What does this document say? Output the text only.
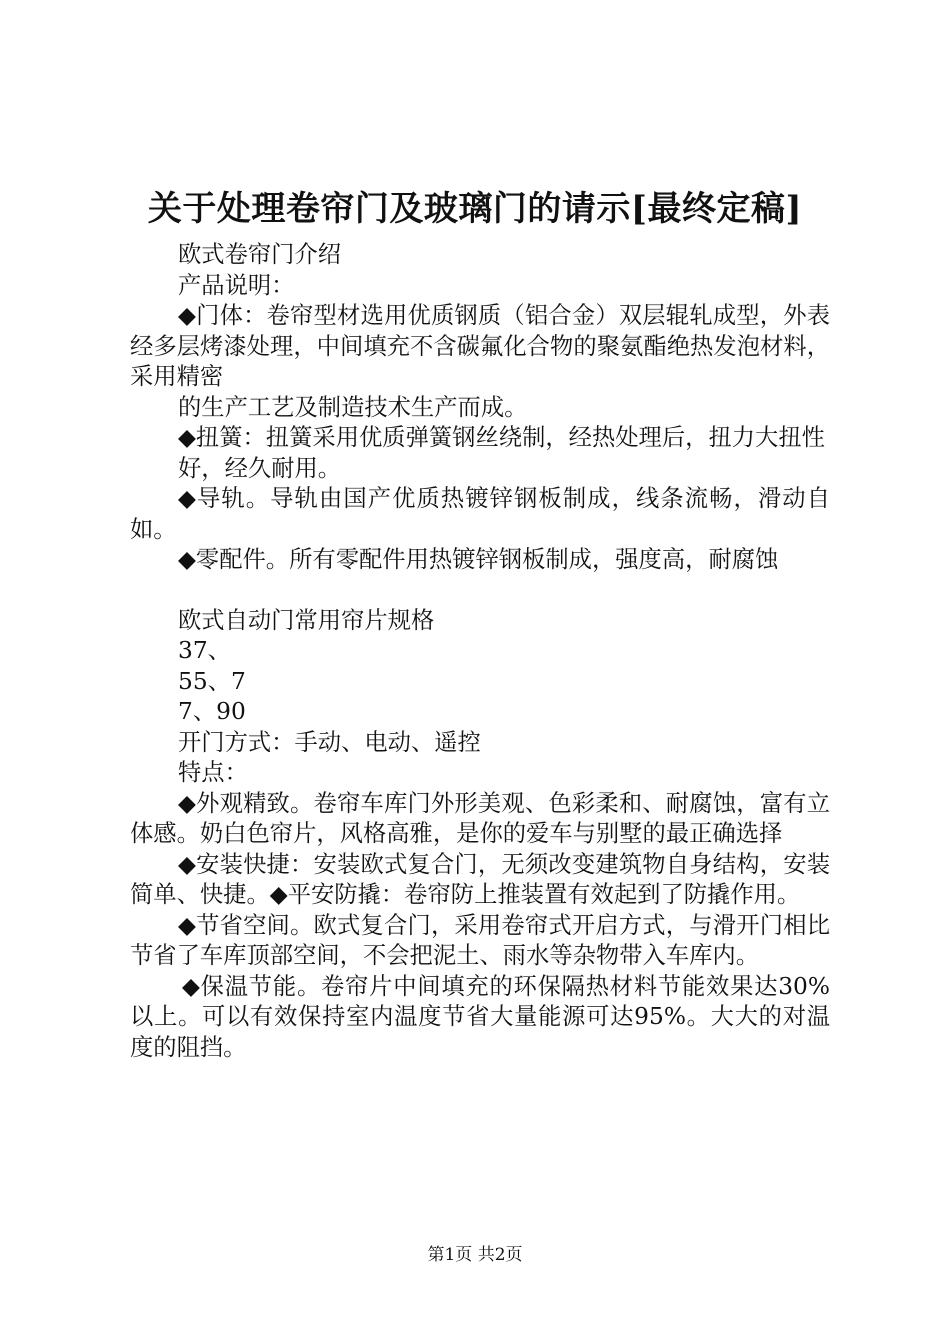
关于处理卷帘门及玻璃门的请示[最终定稿]

欧式卷帘门介绍

产品说明：

◆门体：卷帘型材选用优质钢质（铝合金）双层辊轧成型，外表经多层烤漆处理，中间填充不含碳氟化合物的聚氨酯绝热发泡材料，采用精密

的生产工艺及制造技术生产而成。

◆扭簧：扭簧采用优质弹簧钢丝绕制，经热处理后，扭力大扭性

好，经久耐用。

◆导轨。导轨由国产优质热镀锌钢板制成，线条流畅，滑动自如。

◆零配件。所有零配件用热镀锌钢板制成，强度高，耐腐蚀

欧式自动门常用帘片规格

37、

55、7

7、90

开门方式：手动、电动、遥控

特点：

◆外观精致。卷帘车库门外形美观、色彩柔和、耐腐蚀，富有立体感。奶白色帘片，风格高雅，是你的爱车与别墅的最正确选择

◆安装快捷：安装欧式复合门，无须改变建筑物自身结构，安装简单、快捷。◆平安防撬：卷帘防上推装置有效起到了防撬作用。

◆节省空间。欧式复合门，采用卷帘式开启方式，与滑开门相比节省了车库顶部空间，不会把泥土、雨水等杂物带入车库内。

◆保温节能。卷帘片中间填充的环保隔热材料节能效果达30%以上。可以有效保持室内温度节省大量能源可达95%。大大的对温度的阻挡。

第1页 共2页
